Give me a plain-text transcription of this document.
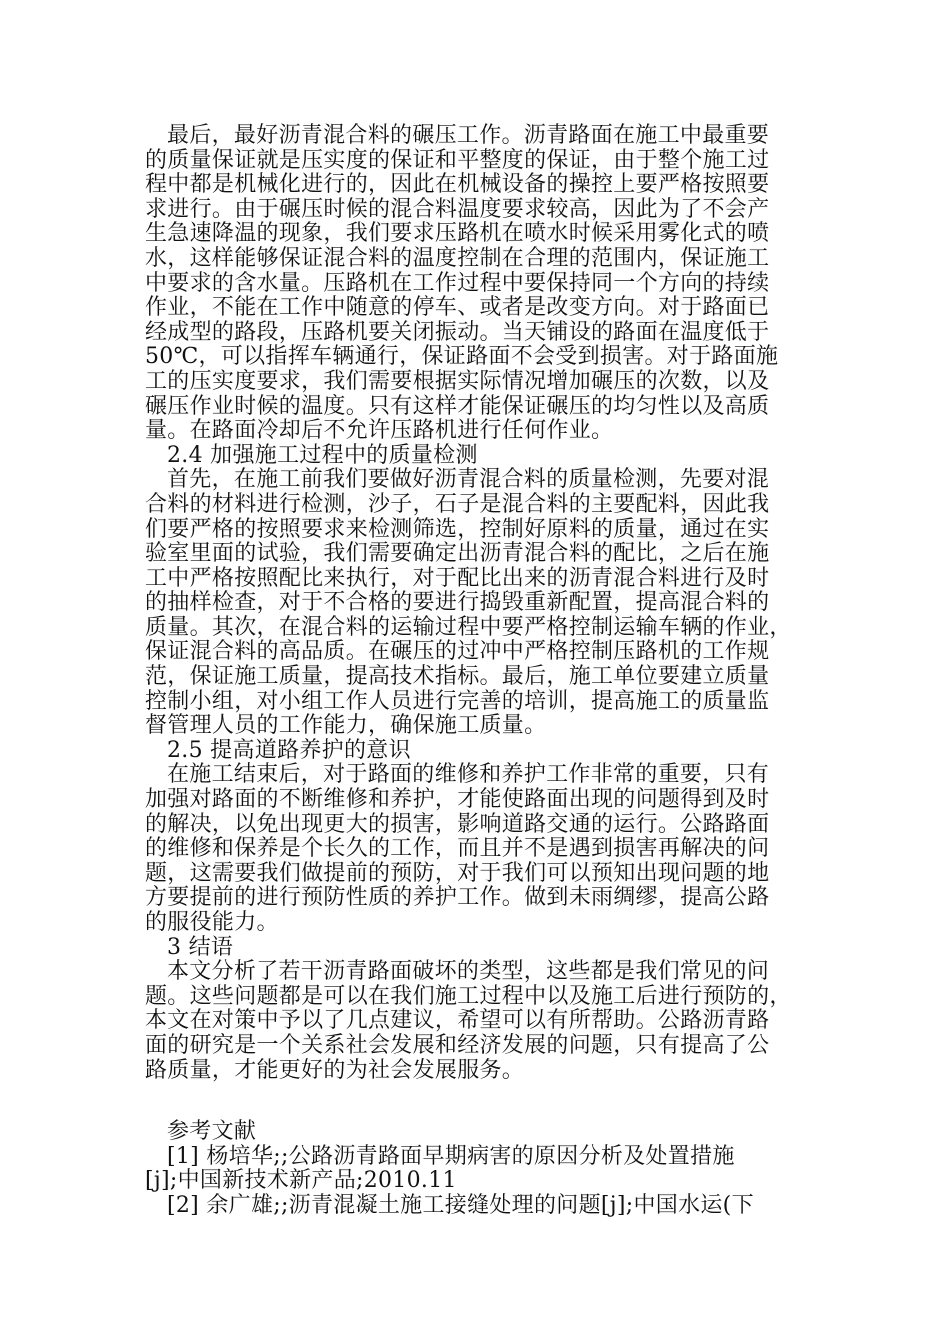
最后，最好沥青混合料的碾压工作。沥青路面在施工中最重要
的质量保证就是压实度的保证和平整度的保证，由于整个施工过
程中都是机械化进行的，因此在机械设备的操控上要严格按照要
求进行。由于碾压时候的混合料温度要求较高，因此为了不会产
生急速降温的现象，我们要求压路机在喷水时候采用雾化式的喷
水，这样能够保证混合料的温度控制在合理的范围内，保证施工
中要求的含水量。压路机在工作过程中要保持同一个方向的持续
作业，不能在工作中随意的停车、或者是改变方向。对于路面已
经成型的路段，压路机要关闭振动。当天铺设的路面在温度低于
50℃，可以指挥车辆通行，保证路面不会受到损害。对于路面施
工的压实度要求，我们需要根据实际情况增加碾压的次数，以及
碾压作业时候的温度。只有这样才能保证碾压的均匀性以及高质
量。在路面冷却后不允许压路机进行任何作业。
2.4 加强施工过程中的质量检测
首先，在施工前我们要做好沥青混合料的质量检测，先要对混
合料的材料进行检测，沙子，石子是混合料的主要配料，因此我
们要严格的按照要求来检测筛选，控制好原料的质量，通过在实
验室里面的试验，我们需要确定出沥青混合料的配比，之后在施
工中严格按照配比来执行，对于配比出来的沥青混合料进行及时
的抽样检查，对于不合格的要进行捣毁重新配置，提高混合料的
质量。其次，在混合料的运输过程中要严格控制运输车辆的作业，
保证混合料的高品质。在碾压的过冲中严格控制压路机的工作规
范，保证施工质量，提高技术指标。最后，施工单位要建立质量
控制小组，对小组工作人员进行完善的培训，提高施工的质量监
督管理人员的工作能力，确保施工质量。
2.5 提高道路养护的意识
在施工结束后，对于路面的维修和养护工作非常的重要，只有
加强对路面的不断维修和养护，才能使路面出现的问题得到及时
的解决，以免出现更大的损害，影响道路交通的运行。公路路面
的维修和保养是个长久的工作，而且并不是遇到损害再解决的问
题，这需要我们做提前的预防，对于我们可以预知出现问题的地
方要提前的进行预防性质的养护工作。做到未雨绸缪，提高公路
的服役能力。
3 结语
本文分析了若干沥青路面破坏的类型，这些都是我们常见的问
题。这些问题都是可以在我们施工过程中以及施工后进行预防的，
本文在对策中予以了几点建议，希望可以有所帮助。公路沥青路
面的研究是一个关系社会发展和经济发展的问题，只有提高了公
路质量，才能更好的为社会发展服务。
参考文献
[1] 杨培华;;公路沥青路面早期病害的原因分析及处置措施
[j];中国新技术新产品;2010.11
[2] 余广雄;;沥青混凝土施工接缝处理的问题[j];中国水运(下
